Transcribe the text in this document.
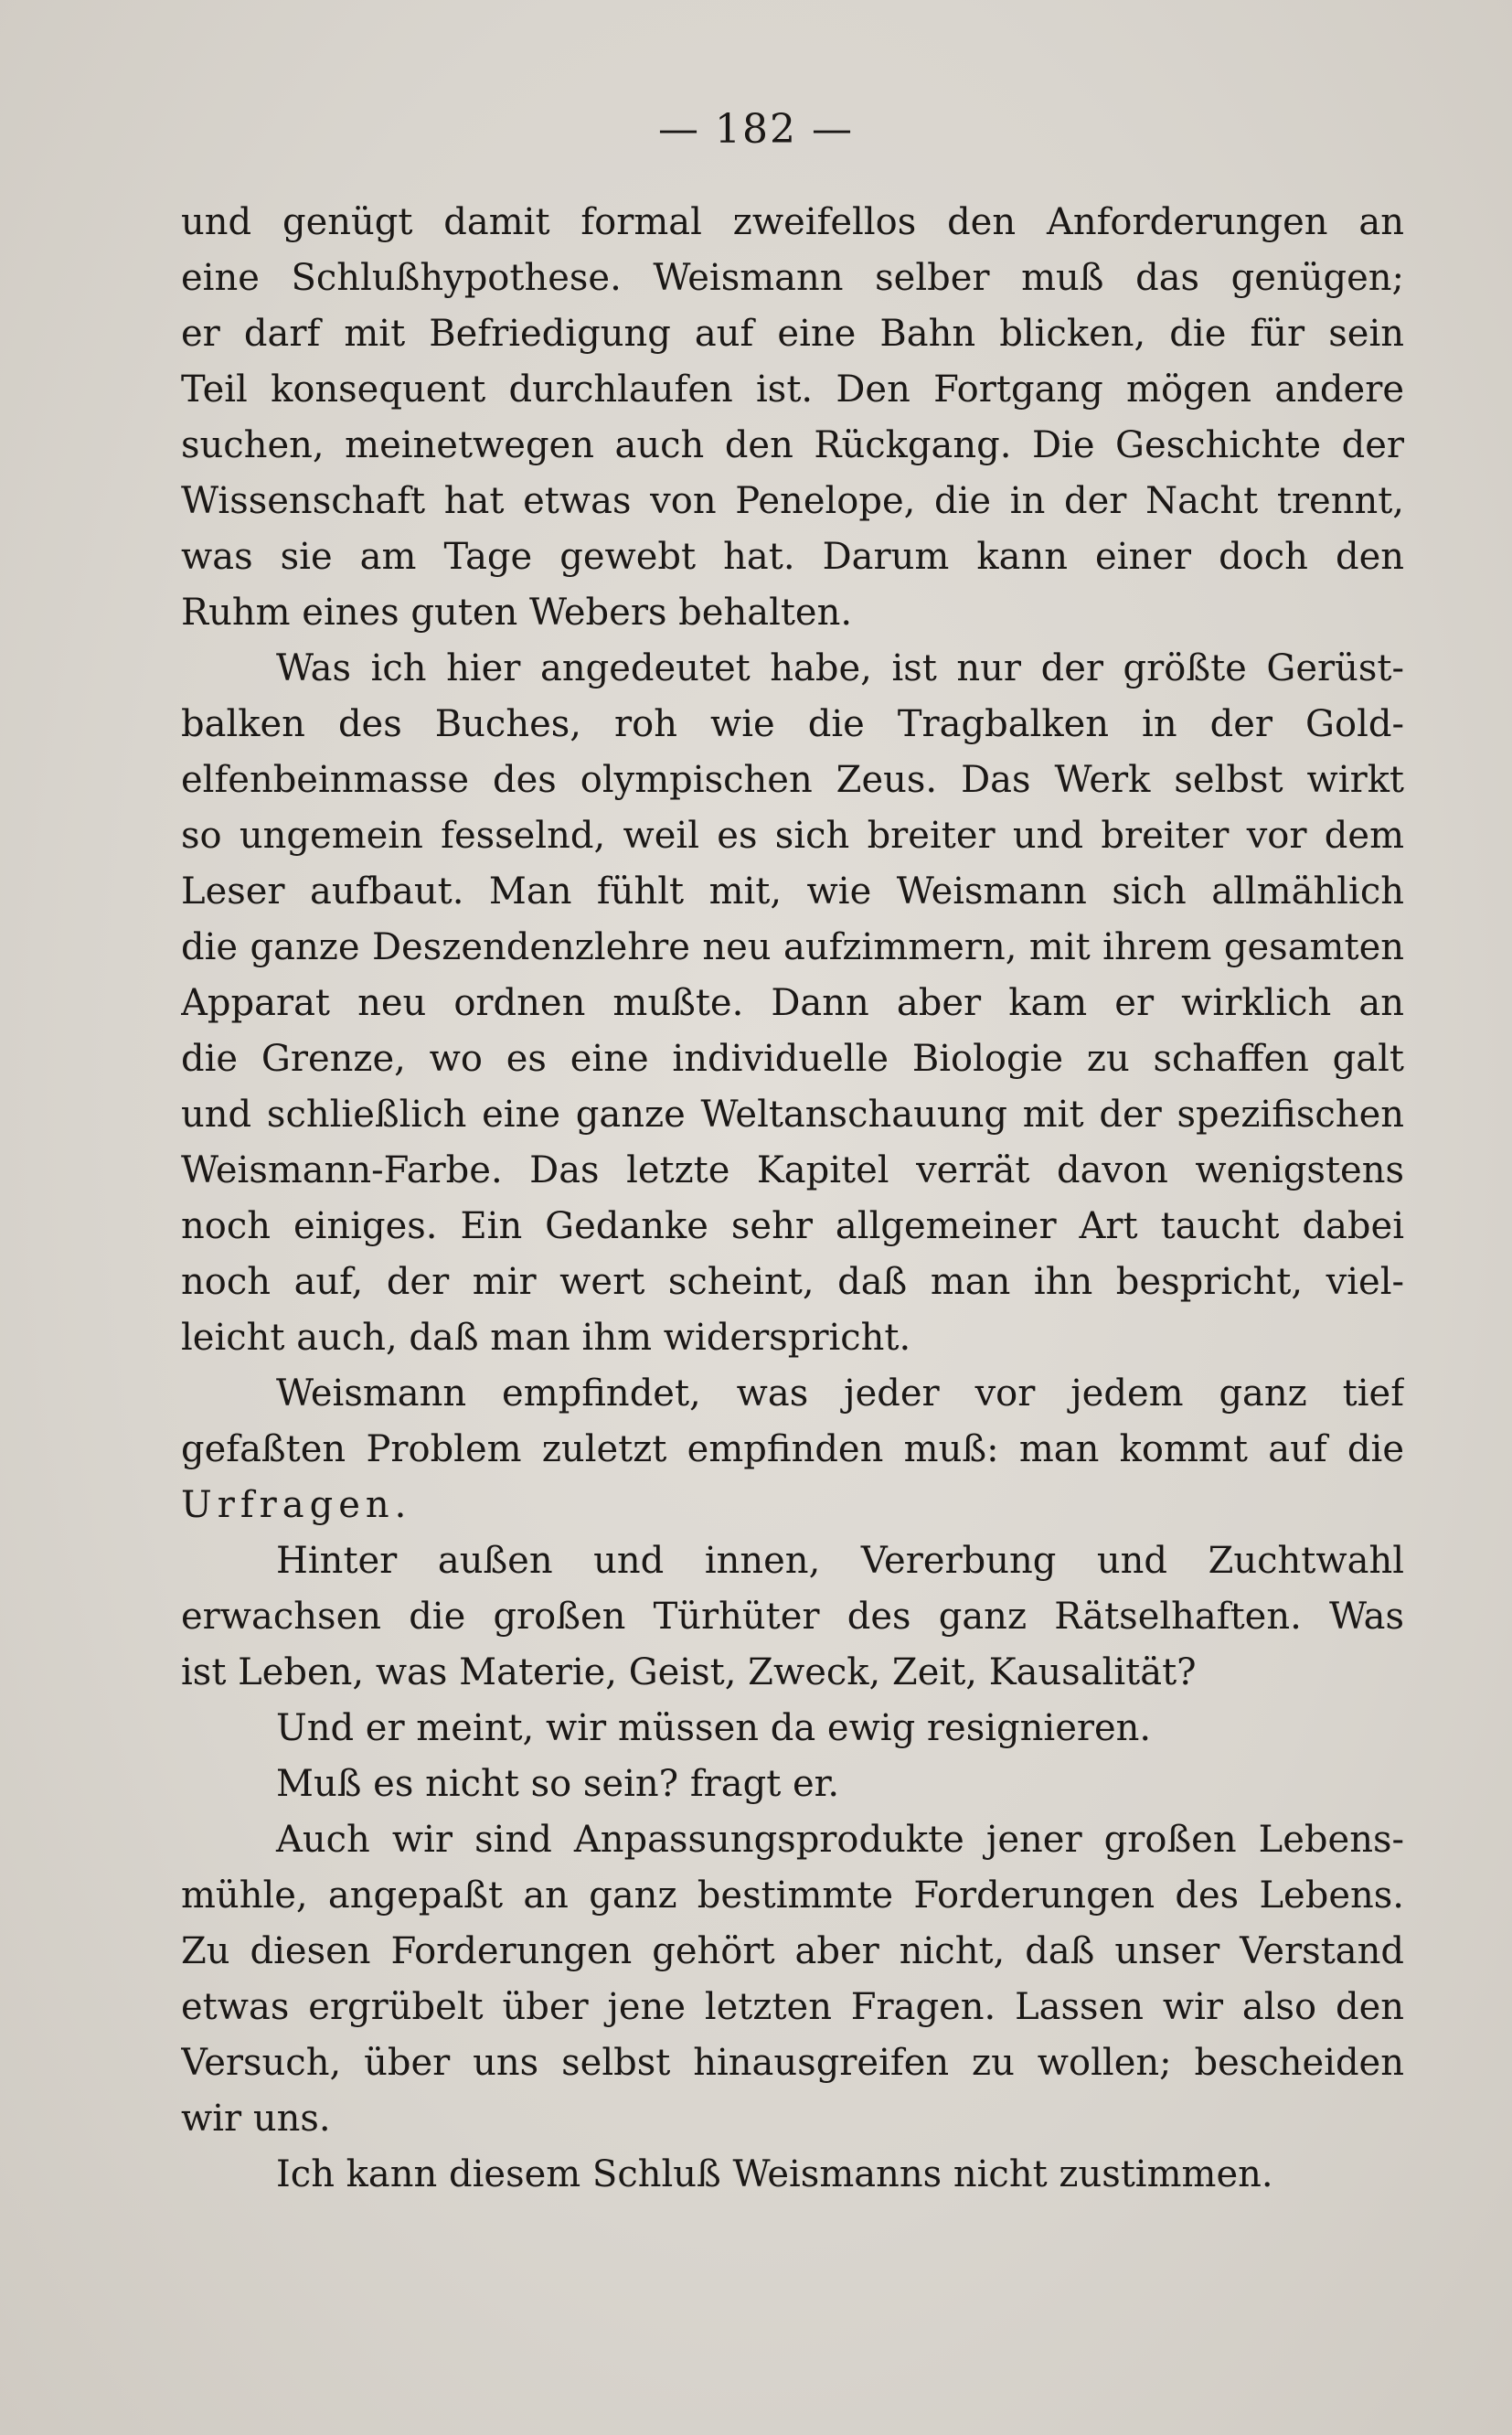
— 182 —
und genügt damit formal zweifellos den Anforderungen an
eine Schlußhypothese. Weismann selber muß das genügen;
er darf mit Befriedigung auf eine Bahn blicken, die für sein
Teil konsequent durchlaufen ist. Den Fortgang mögen andere
suchen, meinetwegen auch den Rückgang. Die Geschichte der
Wissenschaft hat etwas von Penelope, die in der Nacht trennt,
was sie am Tage gewebt hat. Darum kann einer doch den
Ruhm eines guten Webers behalten.
Was ich hier angedeutet habe, ist nur der größte Gerüst-
balken des Buches, roh wie die Tragbalken in der Gold-
elfenbeinmasse des olympischen Zeus. Das Werk selbst wirkt
so ungemein fesselnd, weil es sich breiter und breiter vor dem
Leser aufbaut. Man fühlt mit, wie Weismann sich allmählich
die ganze Deszendenzlehre neu aufzimmern, mit ihrem gesamten
Apparat neu ordnen mußte. Dann aber kam er wirklich an
die Grenze, wo es eine individuelle Biologie zu schaffen galt
und schließlich eine ganze Weltanschauung mit der spezifischen
Weismann-Farbe. Das letzte Kapitel verrät davon wenigstens
noch einiges. Ein Gedanke sehr allgemeiner Art taucht dabei
noch auf, der mir wert scheint, daß man ihn bespricht, viel-
leicht auch, daß man ihm widerspricht.
Weismann empfindet, was jeder vor jedem ganz tief
gefaßten Problem zuletzt empfinden muß: man kommt auf die
Urfragen.
Hinter außen und innen, Vererbung und Zuchtwahl
erwachsen die großen Türhüter des ganz Rätselhaften. Was
ist Leben, was Materie, Geist, Zweck, Zeit, Kausalität?
Und er meint, wir müssen da ewig resignieren.
Muß es nicht so sein? fragt er.
Auch wir sind Anpassungsprodukte jener großen Lebens-
mühle, angepaßt an ganz bestimmte Forderungen des Lebens.
Zu diesen Forderungen gehört aber nicht, daß unser Verstand
etwas ergrübelt über jene letzten Fragen. Lassen wir also den
Versuch, über uns selbst hinausgreifen zu wollen; bescheiden
wir uns.
Ich kann diesem Schluß Weismanns nicht zustimmen.
